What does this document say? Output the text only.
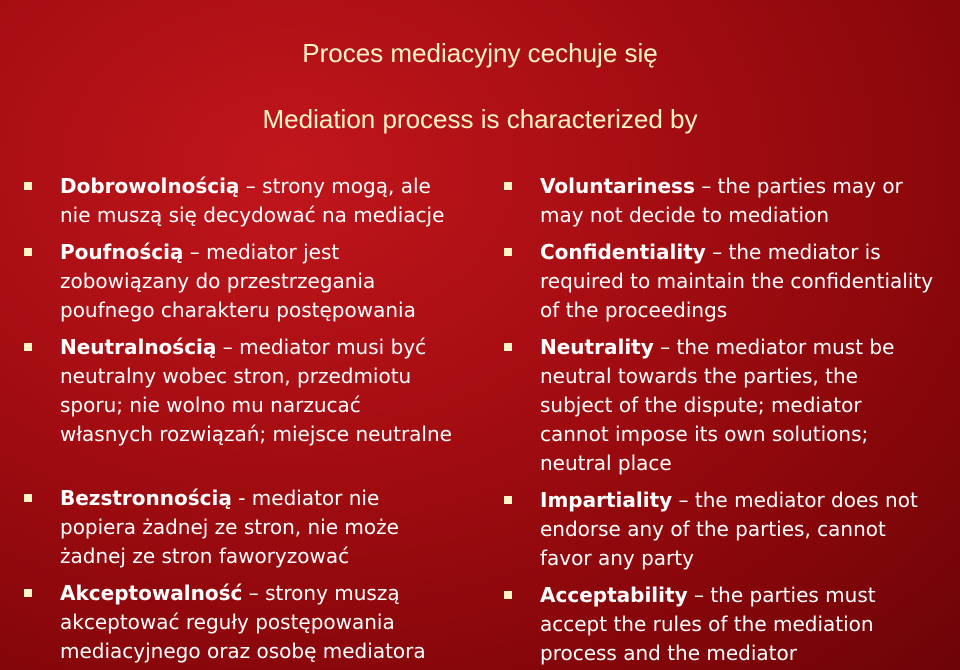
Proces mediacyjny cechuje się
Mediation process is characterized by
Dobrowolnością – strony mogą, ale
nie muszą się decydować na mediacje
Poufnością – mediator jest
zobowiązany do przestrzegania
poufnego charakteru postępowania
Neutralnością – mediator musi być
neutralny wobec stron, przedmiotu
sporu; nie wolno mu narzucać
własnych rozwiązań; miejsce neutralne
Bezstronnością - mediator nie
popiera żadnej ze stron, nie może
żadnej ze stron faworyzować
Akceptowalność – strony muszą
akceptować reguły postępowania
mediacyjnego oraz osobę mediatora
Voluntariness – the parties may or
may not decide to mediation
Confidentiality – the mediator is
required to maintain the confidentiality
of the proceedings
Neutrality – the mediator must be
neutral towards the parties, the
subject of the dispute; mediator
cannot impose its own solutions;
neutral place
Impartiality – the mediator does not
endorse any of the parties, cannot
favor any party
Acceptability – the parties must
accept the rules of the mediation
process and the mediator
